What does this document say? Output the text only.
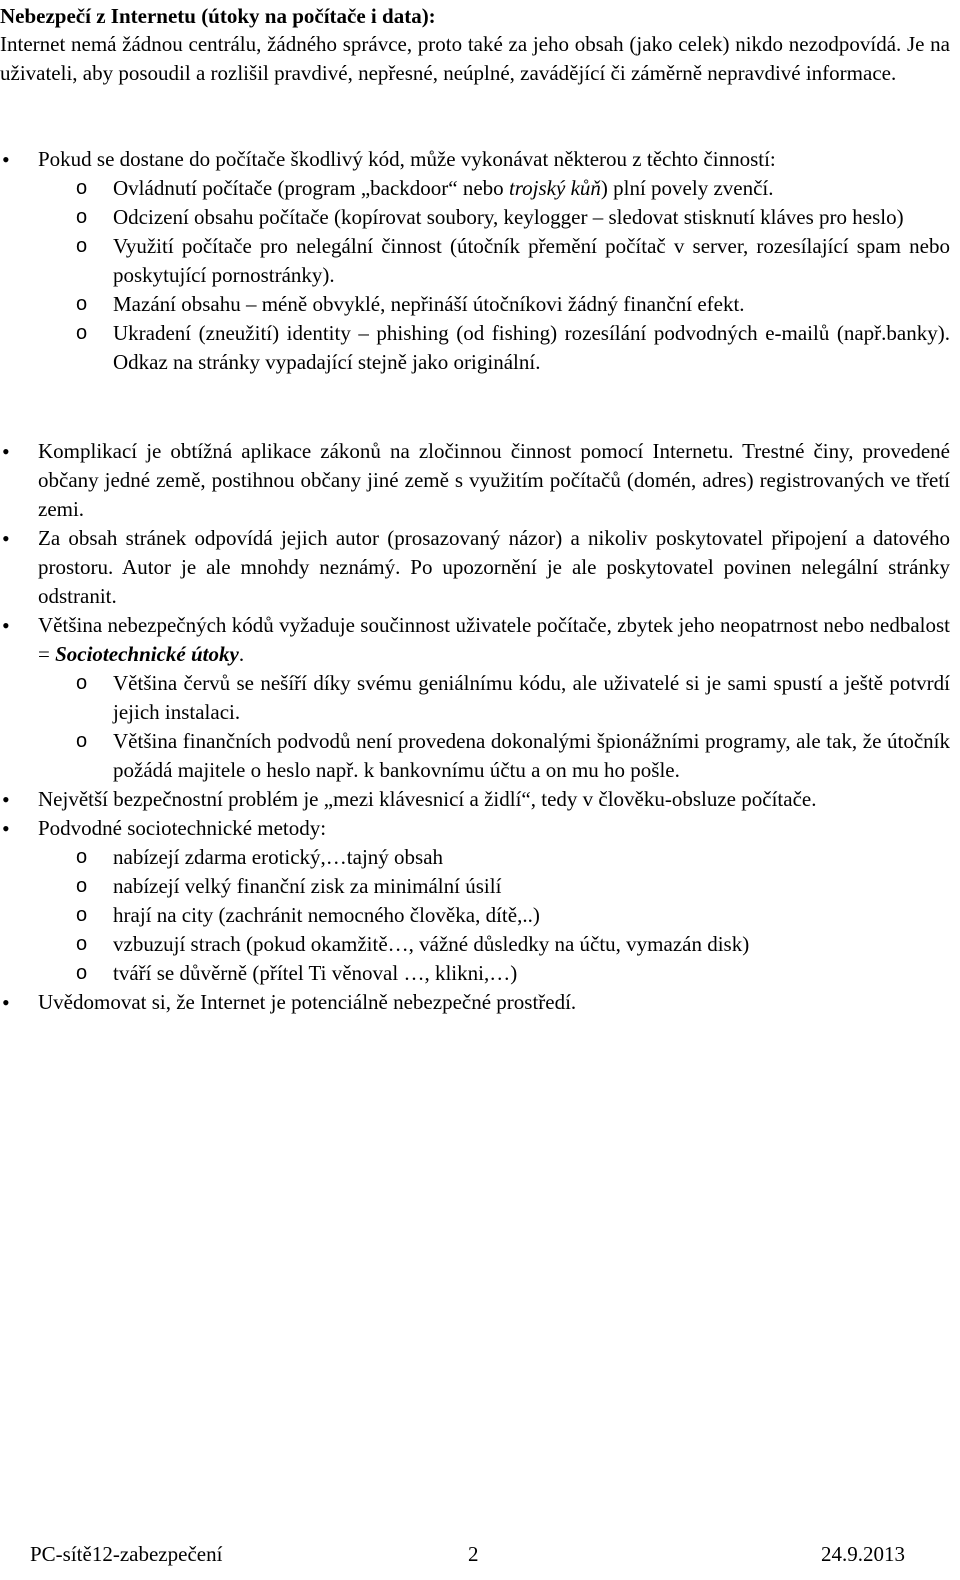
Nebezpečí z Internetu (útoky na počítače i data):

Internet nemá žádnou centrálu, žádného správce, proto také za jeho obsah (jako celek) nikdo nezodpovídá. Je na uživateli, aby posoudil a rozlišil pravdivé, nepřesné, neúplné, zavádějící či záměrně nepravdivé informace.

• Pokud se dostane do počítače škodlivý kód, může vykonávat některou z těchto činností:
o Ovládnutí počítače (program „backdoor“ nebo trojský kůň) plní povely zvenčí.
o Odcizení obsahu počítače (kopírovat soubory, keylogger – sledovat stisknutí kláves pro heslo)
o Využití počítače pro nelegální činnost (útočník přemění počítač v server, rozesílající spam nebo poskytující pornostránky).
o Mazání obsahu – méně obvyklé, nepřináší útočníkovi žádný finanční efekt.
o Ukradení (zneužití) identity – phishing (od fishing) rozesílání podvodných e-mailů (např.banky). Odkaz na stránky vypadající stejně jako originální.
• Komplikací je obtížná aplikace zákonů na zločinnou činnost pomocí Internetu. Trestné činy, provedené občany jedné země, postihnou občany jiné země s využitím počítačů (domén, adres) registrovaných ve třetí zemi.
• Za obsah stránek odpovídá jejich autor (prosazovaný názor) a nikoliv poskytovatel připojení a datového prostoru. Autor je ale mnohdy neznámý. Po upozornění je ale poskytovatel povinen nelegální stránky odstranit.
• Většina nebezpečných kódů vyžaduje součinnost uživatele počítače, zbytek jeho neopatrnost nebo nedbalost = Sociotechnické útoky.
o Většina červů se nešíří díky svému geniálnímu kódu, ale uživatelé si je sami spustí a ještě potvrdí jejich instalaci.
o Většina finančních podvodů není provedena dokonalými špionážními programy, ale tak, že útočník požádá majitele o heslo např. k bankovnímu účtu a on mu ho pošle.
• Největší bezpečnostní problém je „mezi klávesnicí a židlí“, tedy v člověku-obsluze počítače.
• Podvodné sociotechnické metody:
o nabízejí zdarma erotický,…tajný obsah
o nabízejí velký finanční zisk za minimální úsilí
o hrají na city (zachránit nemocného člověka, dítě,..)
o vzbuzují strach (pokud okamžitě…, vážné důsledky na účtu, vymazán disk)
o tváří se důvěrně (přítel Ti věnoval …, klikni,…)
• Uvědomovat si, že Internet je potenciálně nebezpečné prostředí.
PC-sítě12-zabezpečení	2	24.9.2013
